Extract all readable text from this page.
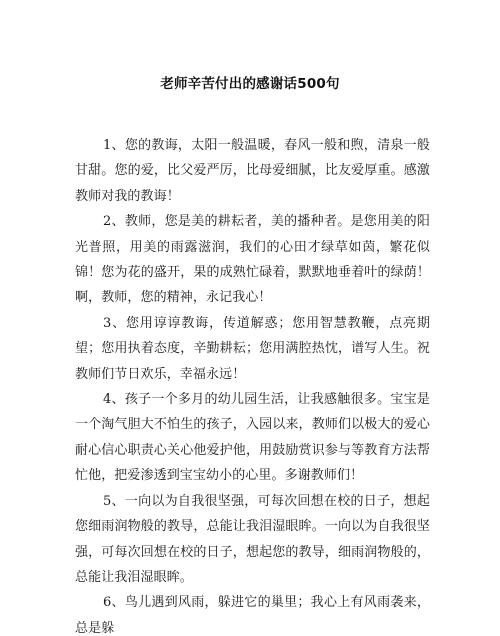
老师辛苦付出的感谢话500句

1、您的教诲，太阳一般温暖，春风一般和煦，清泉一般甘甜。您的爱，比父爱严厉，比母爱细腻，比友爱厚重。感激教师对我的教诲！

2、教师，您是美的耕耘者，美的播种者。是您用美的阳光普照，用美的雨露滋润，我们的心田才绿草如茵，繁花似锦！您为花的盛开，果的成熟忙碌着，默默地垂着叶的绿荫！啊，教师，您的精神，永记我心！

3、您用谆谆教诲，传道解惑；您用智慧教鞭，点亮期望；您用执着态度，辛勤耕耘；您用满腔热忱，谱写人生。祝教师们节日欢乐，幸福永远！

4、孩子一个多月的幼儿园生活，让我感触很多。宝宝是一个淘气胆大不怕生的孩子，入园以来，教师们以极大的爱心耐心信心职责心关心他爱护他，用鼓励赏识参与等教育方法帮忙他，把爱渗透到宝宝幼小的心里。多谢教师们！

5、一向以为自我很坚强，可每次回想在校的日子，想起您细雨润物般的教导，总能让我泪湿眼眸。一向以为自我很坚强，可每次回想在校的日子，想起您的教导，细雨润物般的，总能让我泪湿眼眸。

6、鸟儿遇到风雨，躲进它的巢里；我心上有风雨袭来，总是躲
